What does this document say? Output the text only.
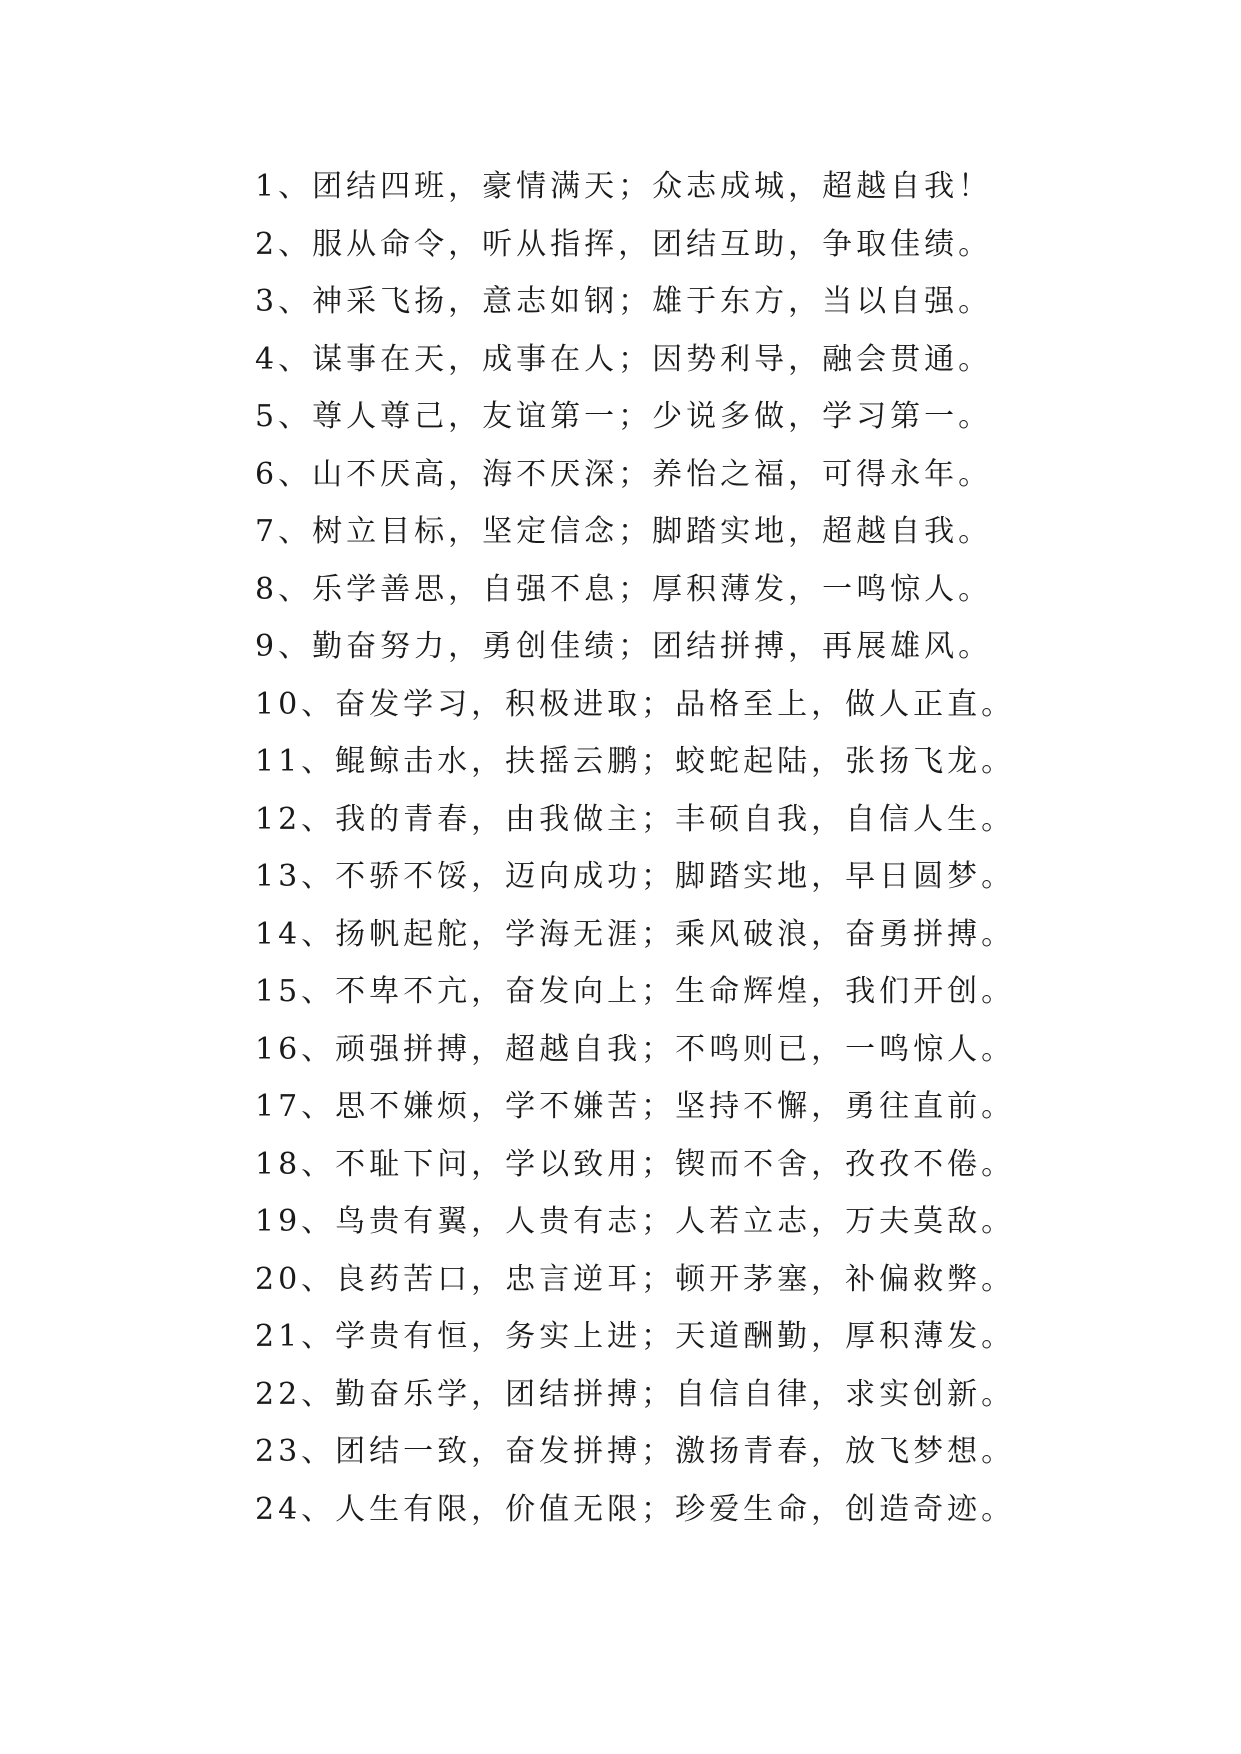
1、团结四班，豪情满天；众志成城，超越自我！
2、服从命令，听从指挥，团结互助，争取佳绩。
3、神采飞扬，意志如钢；雄于东方，当以自强。
4、谋事在天，成事在人；因势利导，融会贯通。
5、尊人尊己，友谊第一；少说多做，学习第一。
6、山不厌高，海不厌深；养怡之福，可得永年。
7、树立目标，坚定信念；脚踏实地，超越自我。
8、乐学善思，自强不息；厚积薄发，一鸣惊人。
9、勤奋努力，勇创佳绩；团结拼搏，再展雄风。
10、奋发学习，积极进取；品格至上，做人正直。
11、鲲鲸击水，扶摇云鹏；蛟蛇起陆，张扬飞龙。
12、我的青春，由我做主；丰硕自我，自信人生。
13、不骄不馁，迈向成功；脚踏实地，早日圆梦。
14、扬帆起舵，学海无涯；乘风破浪，奋勇拼搏。
15、不卑不亢，奋发向上；生命辉煌，我们开创。
16、顽强拼搏，超越自我；不鸣则已，一鸣惊人。
17、思不嫌烦，学不嫌苦；坚持不懈，勇往直前。
18、不耻下问，学以致用；锲而不舍，孜孜不倦。
19、鸟贵有翼，人贵有志；人若立志，万夫莫敌。
20、良药苦口，忠言逆耳；顿开茅塞，补偏救弊。
21、学贵有恒，务实上进；天道酬勤，厚积薄发。
22、勤奋乐学，团结拼搏；自信自律，求实创新。
23、团结一致，奋发拼搏；激扬青春，放飞梦想。
24、人生有限，价值无限；珍爱生命，创造奇迹。
